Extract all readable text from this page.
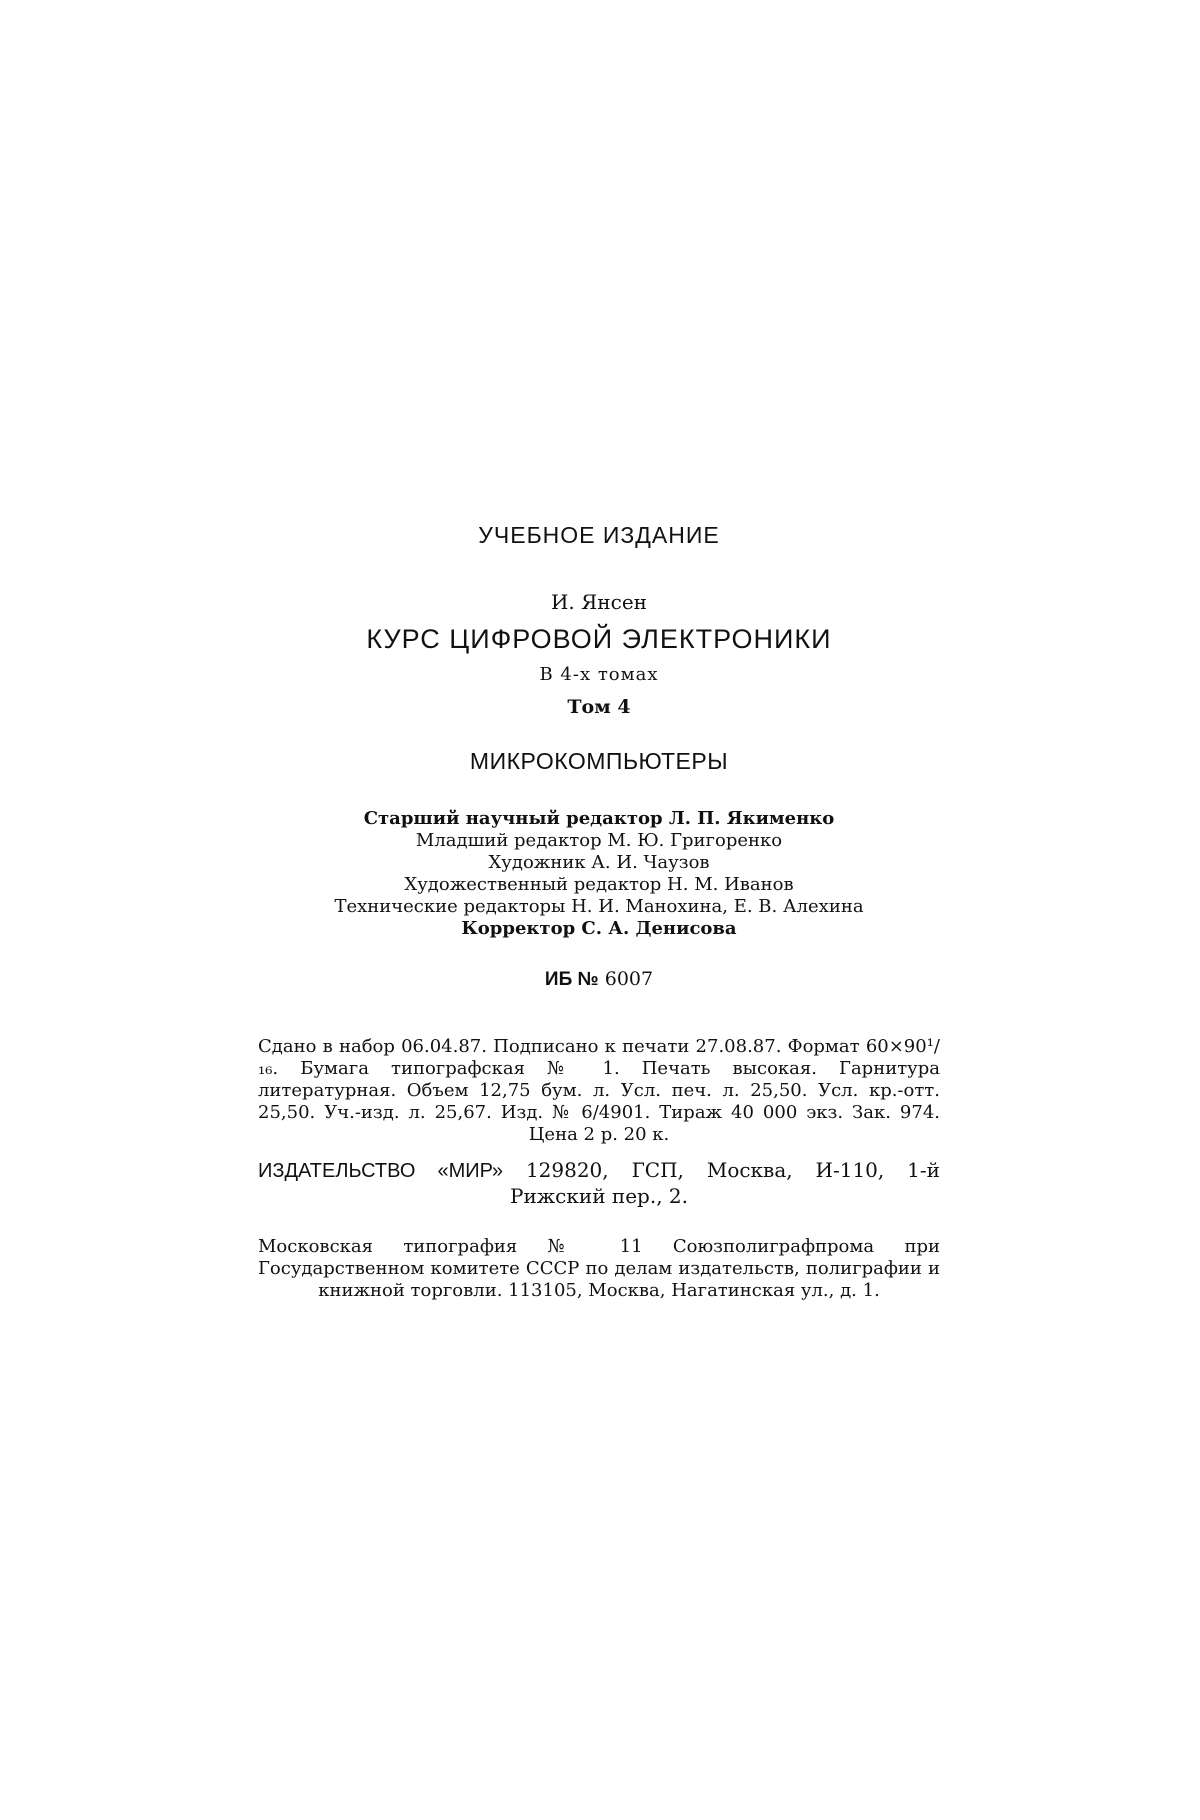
УЧЕБНОЕ ИЗДАНИЕ
И. Янсен
КУРС ЦИФРОВОЙ ЭЛЕКТРОНИКИ
В 4-х томах
Том 4
МИКРОКОМПЬЮТЕРЫ
Старший научный редактор Л. П. Якименко
Младший редактор М. Ю. Григоренко
Художник А. И. Чаузов
Художественный редактор Н. М. Иванов
Технические редакторы Н. И. Манохина, Е. В. Алехина
Корректор С. А. Денисова
ИБ № 6007
Сдано в набор 06.04.87. Подписано к печати 27.08.87. Формат 60×90¹/₁₆. Бумага типографская № 1. Печать высокая. Гарнитура литературная. Объем 12,75 бум. л. Усл. печ. л. 25,50. Усл. кр.-отт. 25,50. Уч.-изд. л. 25,67. Изд. № 6/4901. Тираж 40 000 экз. Зак. 974. Цена 2 р. 20 к.
ИЗДАТЕЛЬСТВО «МИР» 129820, ГСП, Москва, И-110, 1-й Рижский пер., 2.
Московская типография № 11 Союзполиграфпрома при Государственном комитете СССР по делам издательств, полиграфии и книжной торговли. 113105, Москва, Нагатинская ул., д. 1.
